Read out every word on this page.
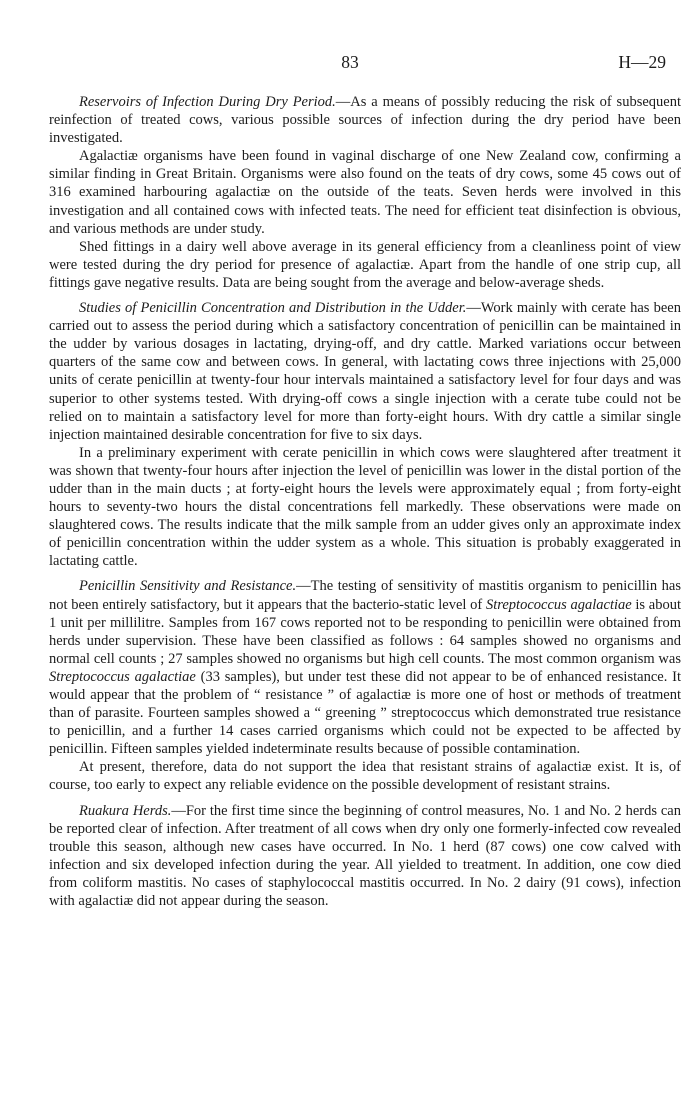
83	H—29

Reservoirs of Infection During Dry Period.—As a means of possibly reducing the risk of subsequent reinfection of treated cows, various possible sources of infection during the dry period have been investigated.

Agalactiæ organisms have been found in vaginal discharge of one New Zealand cow, confirming a similar finding in Great Britain. Organisms were also found on the teats of dry cows, some 45 cows out of 316 examined harbouring agalactiæ on the outside of the teats. Seven herds were involved in this investigation and all contained cows with infected teats. The need for efficient teat disinfection is obvious, and various methods are under study.

Shed fittings in a dairy well above average in its general efficiency from a cleanliness point of view were tested during the dry period for presence of agalactiæ. Apart from the handle of one strip cup, all fittings gave negative results. Data are being sought from the average and below-average sheds.

Studies of Penicillin Concentration and Distribution in the Udder.—Work mainly with cerate has been carried out to assess the period during which a satisfactory concentration of penicillin can be maintained in the udder by various dosages in lactating, drying-off, and dry cattle. Marked variations occur between quarters of the same cow and between cows. In general, with lactating cows three injections with 25,000 units of cerate penicillin at twenty-four hour intervals maintained a satisfactory level for four days and was superior to other systems tested. With drying-off cows a single injection with a cerate tube could not be relied on to maintain a satisfactory level for more than forty-eight hours. With dry cattle a similar single injection maintained desirable concentration for five to six days.

In a preliminary experiment with cerate penicillin in which cows were slaughtered after treatment it was shown that twenty-four hours after injection the level of penicillin was lower in the distal portion of the udder than in the main ducts ; at forty-eight hours the levels were approximately equal ; from forty-eight hours to seventy-two hours the distal concentrations fell markedly. These observations were made on slaughtered cows. The results indicate that the milk sample from an udder gives only an approximate index of penicillin concentration within the udder system as a whole. This situation is probably exaggerated in lactating cattle.

Penicillin Sensitivity and Resistance.—The testing of sensitivity of mastitis organism to penicillin has not been entirely satisfactory, but it appears that the bacterio-static level of Streptococcus agalactiae is about 1 unit per millilitre. Samples from 167 cows reported not to be responding to penicillin were obtained from herds under supervision. These have been classified as follows : 64 samples showed no organisms and normal cell counts ; 27 samples showed no organisms but high cell counts. The most common organism was Streptococcus agalactiae (33 samples), but under test these did not appear to be of enhanced resistance. It would appear that the problem of “ resistance ” of agalactiæ is more one of host or methods of treatment than of parasite. Fourteen samples showed a “ greening ” streptococcus which demonstrated true resistance to penicillin, and a further 14 cases carried organisms which could not be expected to be affected by penicillin. Fifteen samples yielded indeterminate results because of possible contamination.

At present, therefore, data do not support the idea that resistant strains of agalactiæ exist. It is, of course, too early to expect any reliable evidence on the possible development of resistant strains.

Ruakura Herds.—For the first time since the beginning of control measures, No. 1 and No. 2 herds can be reported clear of infection. After treatment of all cows when dry only one formerly-infected cow revealed trouble this season, although new cases have occurred. In No. 1 herd (87 cows) one cow calved with infection and six developed infection during the year. All yielded to treatment. In addition, one cow died from coliform mastitis. No cases of staphylococcal mastitis occurred. In No. 2 dairy (91 cows), infection with agalactiæ did not appear during the season.
